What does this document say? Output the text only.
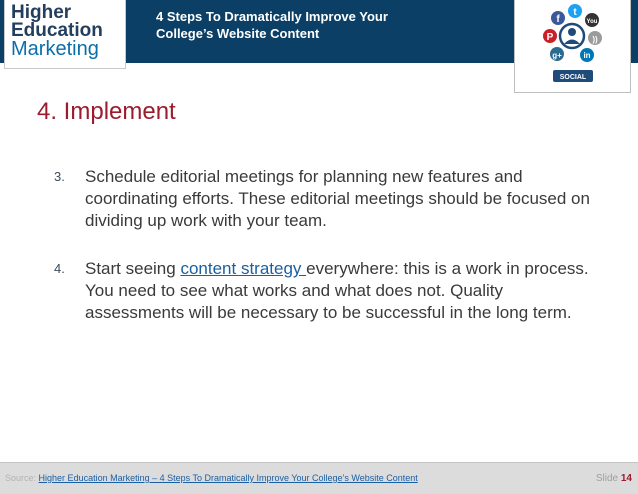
Higher
Education
Marketing
4 Steps To Dramatically Improve Your
College’s Website Content
f
t
You
P	))
g+	in
SOCIAL
4. Implement
3. Schedule editorial meetings for planning new features and coordinating efforts. These editorial meetings should be focused on dividing up work with your team.
4. Start seeing content strategy everywhere: this is a work in process. You need to see what works and what does not. Quality assessments will be necessary to be successful in the long term.
Source: Higher Education Marketing – 4 Steps To Dramatically Improve Your College’s Website Content	Slide 14
